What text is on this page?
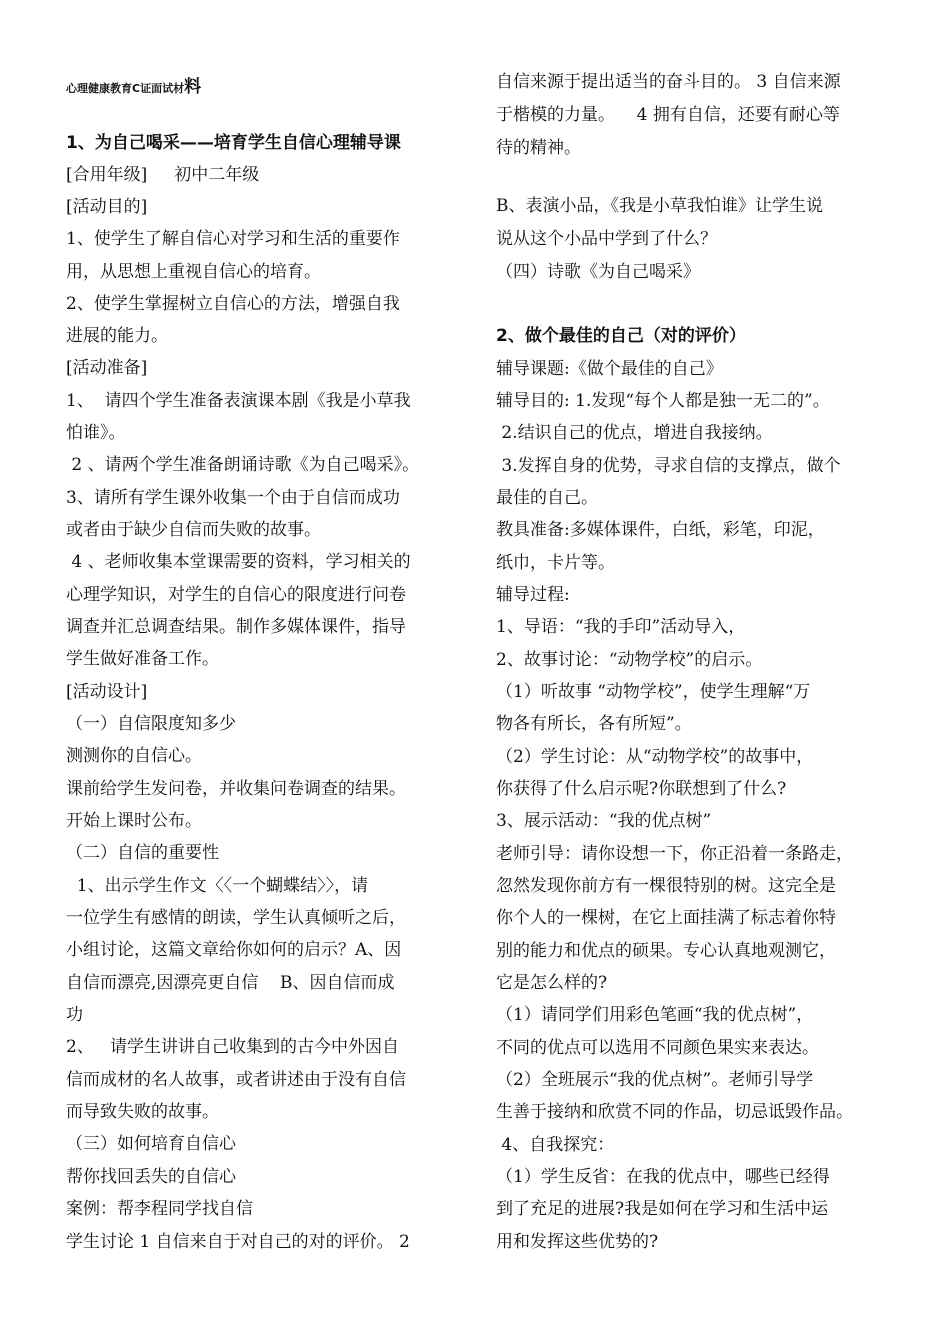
心理健康教育C证面试材料
1、为自己喝采——培育学生自信心理辅导课
[合用年级]     初中二年级
[活动目的]
1、使学生了解自信心对学习和生活的重要作
用，从思想上重视自信心的培育。
2、使学生掌握树立自信心的方法，增强自我
进展的能力。
[活动准备]
1、  请四个学生准备表演课本剧《我是小草我
怕谁》。
2 、请两个学生准备朗诵诗歌《为自己喝采》。
3、请所有学生课外收集一个由于自信而成功
或者由于缺少自信而失败的故事。
4 、老师收集本堂课需要的资料，学习相关的
心理学知识，对学生的自信心的限度进行问卷
调查并汇总调查结果。制作多媒体课件，指导
学生做好准备工作。
[活动设计]
（一）自信限度知多少
测测你的自信心。
课前给学生发问卷，并收集问卷调查的结果。
开始上课时公布。
（二）自信的重要性
1、出示学生作文〈〈一个蝴蝶结〉〉，请
一位学生有感情的朗读，学生认真倾听之后，
小组讨论，这篇文章给你如何的启示？A、因
自信而漂亮,因漂亮更自信    B、因自信而成
功
2、   请学生讲讲自己收集到的古今中外因自
信而成材的名人故事，或者讲述由于没有自信
而导致失败的故事。
（三）如何培育自信心
帮你找回丢失的自信心
案例：帮李程同学找自信
学生讨论 1 自信来自于对自己的对的评价。 2
自信来源于提出适当的奋斗目的。 3 自信来源
于楷模的力量。    4 拥有自信，还要有耐心等
待的精神。
B、表演小品，《我是小草我怕谁》让学生说
说从这个小品中学到了什么？
（四）诗歌《为自己喝采》
2、做个最佳的自己（对的评价）
辅导课题:《做个最佳的自己》
辅导目的: 1.发现“每个人都是独一无二的”。
2.结识自己的优点，增进自我接纳。
3.发挥自身的优势，寻求自信的支撑点，做个
最佳的自己。
教具准备:多媒体课件，白纸，彩笔，印泥，
纸巾，卡片等。
辅导过程:
1、导语：“我的手印”活动导入，
2、故事讨论：“动物学校”的启示。
（1）听故事 “动物学校”，使学生理解“万
物各有所长，各有所短”。
（2）学生讨论：从“动物学校”的故事中，
你获得了什么启示呢?你联想到了什么?
3、展示活动：“我的优点树”
老师引导：请你设想一下，你正沿着一条路走，
忽然发现你前方有一棵很特别的树。这完全是
你个人的一棵树，在它上面挂满了标志着你特
别的能力和优点的硕果。专心认真地观测它，
它是怎么样的?
（1）请同学们用彩色笔画“我的优点树”，
不同的优点可以选用不同颜色果实来表达。
（2）全班展示“我的优点树”。老师引导学
生善于接纳和欣赏不同的作品，切忌诋毁作品。
4、自我探究：
（1）学生反省：在我的优点中，哪些已经得
到了充足的进展?我是如何在学习和生活中运
用和发挥这些优势的?
